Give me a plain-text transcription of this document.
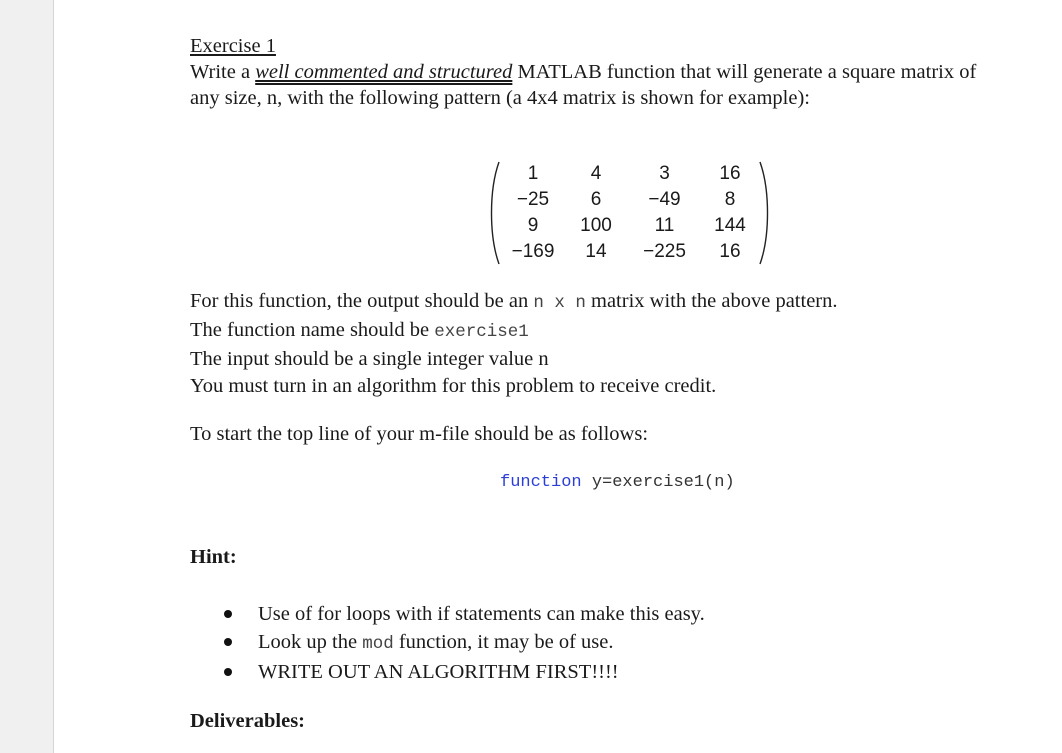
Exercise 1
Write a well commented and structured MATLAB function that will generate a square matrix of
any size, n, with the following pattern (a 4x4 matrix is shown for example):
1	4	3	16
−25	6	−49	8
9	100	11	144
−169	14	−225	16
For this function, the output should be an n x n matrix with the above pattern.
The function name should be exercise1
The input should be a single integer value n
You must turn in an algorithm for this problem to receive credit.
To start the top line of your m-file should be as follows:
function y=exercise1(n)
Hint:
Use of for loops with if statements can make this easy.
Look up the mod function, it may be of use.
WRITE OUT AN ALGORITHM FIRST!!!!
Deliverables:
